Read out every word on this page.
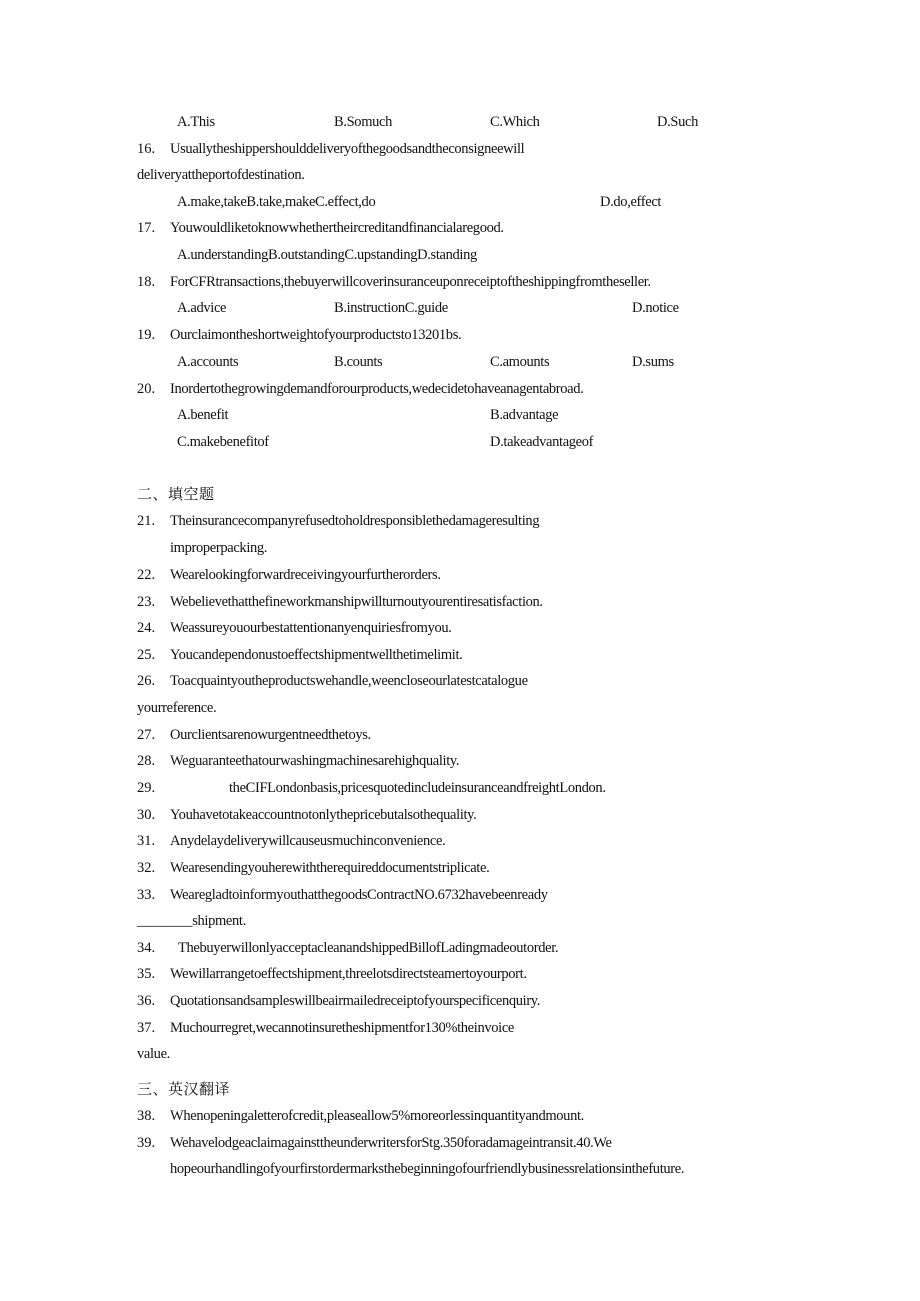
A.This	B.Somuch	C.Which	D.Such
16. Usuallytheshippershoulddeliveryofthegoodsandtheconsigneewill
deliveryattheportofdestination.
A.make,takeB.take,makeC.effect,do	D.do,effect
17. Youwouldliketoknowwhethertheircreditandfinancialaregood.
A.understandingB.outstandingC.upstandingD.standing
18. ForCFRtransactions,thebuyerwillcoverinsuranceuponreceiptoftheshippingfromtheseller.
A.advice	B.instructionC.guide	D.notice
19. Ourclaimontheshortweightofyourproductsto13201bs.
A.accounts	B.counts	C.amounts	D.sums
20. Inordertothegrowingdemandforourproducts,wedecidetohaveanagentabroad.
A.benefit	B.advantage
C.makebenefitof	D.takeadvantageof
二、填空题
21. Theinsurancecompanyrefusedtoholdresponsiblethedamageresulting
improperpacking.
22. Wearelookingforwardreceivingyourfurtherorders.
23. Webelievethatthefineworkmanshipwillturnoutyourentiresatisfaction.
24. Weassureyouourbestattentionanyenquiriesfromyou.
25. Youcandependonustoeffectshipmentwellthetimelimit.
26. Toacquaintyoutheproductswehandle,weencloseourlatestcatalogue
yourreference.
27. Ourclientsarenowurgentneedthetoys.
28. Weguaranteethatourwashingmachinesarehighquality.
29.	theCIFLondonbasis,pricesquotedincludeinsuranceandfreightLondon.
30. Youhavetotakeaccountnotonlythepricebutalsothequality.
31. Anydelaydeliverywillcauseusmuchinconvenience.
32. Wearesendingyouherewiththerequireddocumentstriplicate.
33. WearegladtoinformyouthatthegoodsContractNO.6732havebeenready
________shipment.
34. ThebuyerwillonlyacceptacleanandshippedBillofLadingmadeoutorder.
35. Wewillarrangetoeffectshipment,threelotsdirectsteamertoyourport.
36. Quotationsandsampleswillbeairmailedreceiptofyourspecificenquiry.
37. Muchourregret,wecannotinsuretheshipmentfor130%theinvoice
value.
三、英汉翻译
38. Whenopeningaletterofcredit,pleaseallow5%moreorlessinquantityandmount.
39. WehavelodgeaclaimagainsttheunderwritersforStg.350foradamageintransit.40.We
hopeourhandlingofyourfirstordermarksthebeginningofourfriendlybusinessrelationsinthefuture.
